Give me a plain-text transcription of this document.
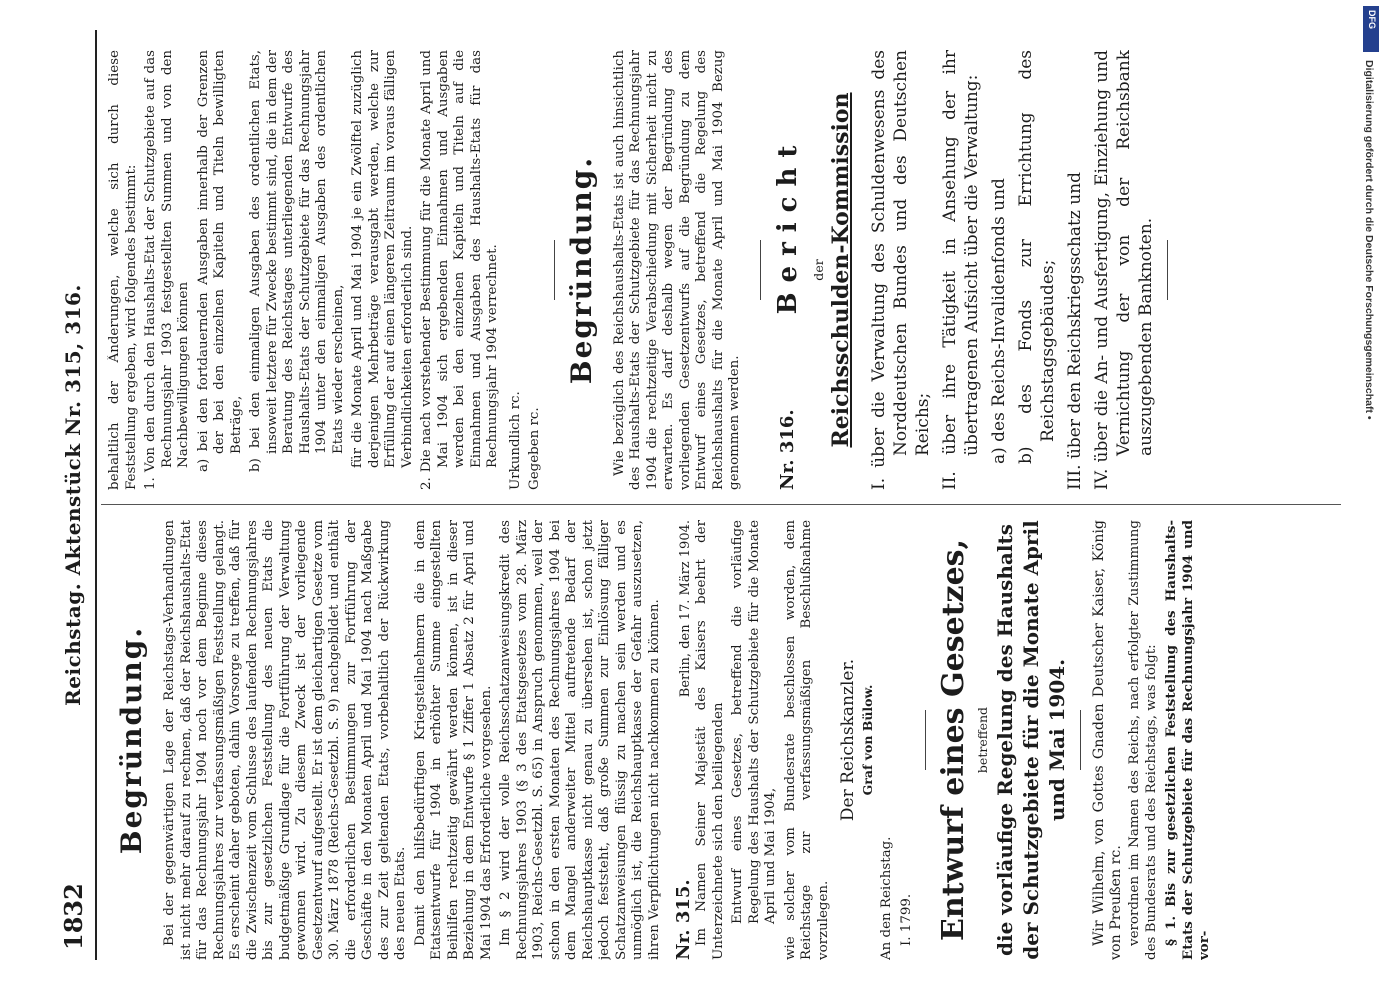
1832
Reichstag. Aktenstück Nr. 315, 316.
Begründung. Bei der gegenwärtigen Lage der Reichstags-Verhandlungen ist nicht mehr darauf zu rechnen, daß der Reichshaushalts-Etat für das Rechnungsjahr 1904 noch vor dem Beginne dieses Rechnungsjahres zur verfassungsmäßigen Feststellung gelangt. Es erscheint daher geboten, dahin Vorsorge zu treffen, daß für die Zwischenzeit vom Schlusse des laufenden Rechnungsjahres bis zur gesetzlichen Feststellung des neuen Etats die budgetmäßige Grundlage für die Fortführung der Verwaltung gewonnen wird. Zu diesem Zweck ist der vorliegende Gesetzentwurf aufgestellt. Er ist dem gleichartigen Gesetze vom 30. März 1878 (Reichs-Gesetzbl. S. 9) nachgebildet und enthält die erforderlichen Bestimmungen zur Fortführung der Geschäfte in den Monaten April und Mai 1904 nach Maßgabe des zur Zeit geltenden Etats, vorbehaltlich der Rückwirkung des neuen Etats. Damit den hilfsbedürftigen Kriegsteilnehmern die in dem Etatsentwurfe für 1904 in erhöhter Summe eingestellten Beihilfen rechtzeitig gewährt werden können, ist in dieser Beziehung in dem Entwurfe § 1 Ziffer 1 Absatz 2 für April und Mai 1904 das Erforderliche vorgesehen. Im § 2 wird der volle Reichsschatzanweisungskredit des Rechnungsjahres 1903 (§ 3 des Etatsgesetzes vom 28. März 1903, Reichs-Gesetzbl. S. 65) in Anspruch genommen, weil der schon in den ersten Monaten des Rechnungsjahres 1904 bei dem Mangel anderweiter Mittel auftretende Bedarf der Reichshauptkasse nicht genau zu übersehen ist, schon jetzt jedoch feststeht, daß große Summen zur Einlösung fälliger Schatzanweisungen flüssig zu machen sein werden und es unmöglich ist, die Reichshauptkasse der Gefahr auszusetzen, ihren Verpflichtungen nicht nachkommen zu können. Nr. 315.
Berlin, den 17. März 1904. Im Namen Seiner Majestät des Kaisers beehrt der Unterzeichnete sich den beiliegenden Entwurf eines Gesetzes, betreffend die vorläufige Regelung des Haushalts der Schutzgebiete für die Monate April und Mai 1904, wie solcher vom Bundesrate beschlossen worden, dem Reichstage zur verfassungsmäßigen Beschlußnahme vorzulegen.

Der Reichskanzler. Graf von Bülow.

An den Reichstag. I. 1799. Entwurf eines Gesetzes, betreffend die vorläufige Regelung des Haushalts der Schutzgebiete für die Monate April und Mai 1904. Wir Wilhelm, von Gottes Gnaden Deutscher Kaiser, König von Preußen rc. verordnen im Namen des Reichs, nach erfolgter Zustimmung des Bundesrats und des Reichstags, was folgt: § 1. Bis zur gesetzlichen Feststellung des Haushalts-Etats der Schutzgebiete für das Rechnungsjahr 1904 und vor-

behaltlich der Änderungen, welche sich durch diese Feststellung ergeben, wird folgendes bestimmt: 1. Von den durch den Haushalts-Etat der Schutzgebiete auf das Rechnungsjahr 1903 festgestellten Summen und von den Nachbewilligungen können a) bei den fortdauernden Ausgaben innerhalb der Grenzen der bei den einzelnen Kapiteln und Titeln bewilligten Beträge, b) bei den einmaligen Ausgaben des ordentlichen Etats, insoweit letztere für Zwecke bestimmt sind, die in dem der Beratung des Reichstages unterliegenden Entwurfe des Haushalts-Etats der Schutzgebiete für das Rechnungsjahr 1904 unter den einmaligen Ausgaben des ordentlichen Etats wieder erscheinen, für die Monate April und Mai 1904 je ein Zwölftel zuzüglich derjenigen Mehrbeträge verausgabt werden, welche zur Erfüllung der auf einen längeren Zeitraum im voraus fälligen Verbindlichkeiten erforderlich sind. 2. Die nach vorstehender Bestimmung für die Monate April und Mai 1904 sich ergebenden Einnahmen und Ausgaben werden bei den einzelnen Kapiteln und Titeln auf die Einnahmen und Ausgaben des Haushalts-Etats für das Rechnungsjahr 1904 verrechnet. Urkundlich rc. Gegeben rc.

Begründung. Wie bezüglich des Reichshaushalts-Etats ist auch hinsichtlich des Haushalts-Etats der Schutzgebiete für das Rechnungsjahr 1904 die rechtzeitige Verabschiedung mit Sicherheit nicht zu erwarten. Es darf deshalb wegen der Begründung des vorliegenden Gesetzentwurfs auf die Begründung zu dem Entwurf eines Gesetzes, betreffend die Regelung des Reichshaushalts für die Monate April und Mai 1904 Bezug genommen werden. Nr. 316.
Bericht der Reichsschulden-Kommission I. über die Verwaltung des Schuldenwesens des Norddeutschen Bundes und des Deutschen Reichs; II. über ihre Tätigkeit in Ansehung der ihr übertragenen Aufsicht über die Verwaltung: a) des Reichs-Invalidenfonds und b) des Fonds zur Errichtung des Reichstagsgebäudes; III. über den Reichskriegsschatz und IV. über die An- und Ausfertigung, Einziehung und Vernichtung der von der Reichsbank auszugebenden Banknoten.

DFG
Digitalisierung gefördert durch die Deutsche Forschungsgemeinschaft •
